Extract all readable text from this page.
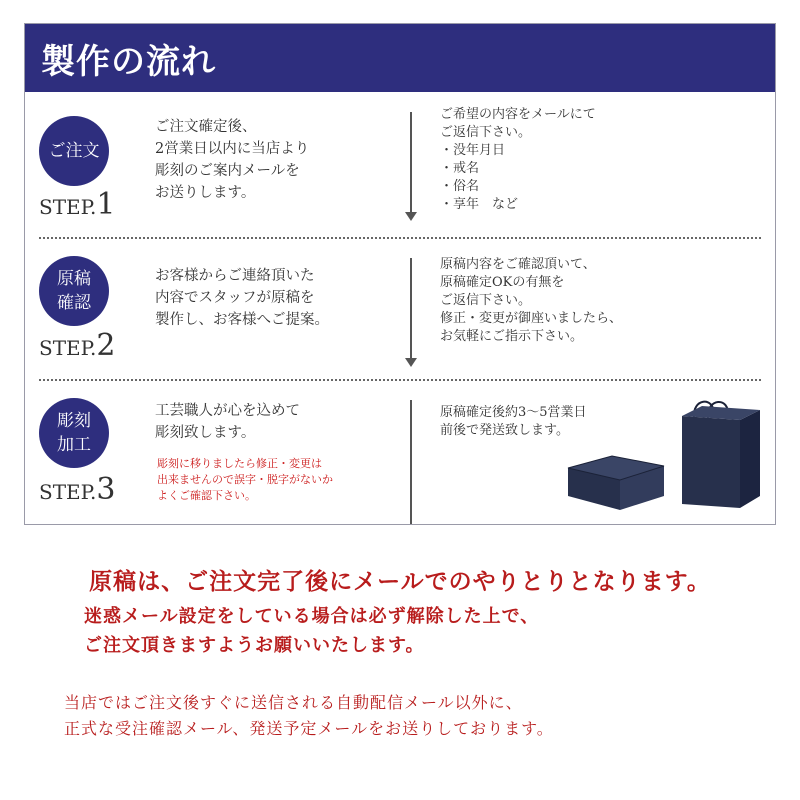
製作の流れ
ご注文
STEP.1
ご注文確定後、
2営業日以内に当店より
彫刻のご案内メールを
お送りします。
ご希望の内容をメールにて
ご返信下さい。
・没年月日
・戒名
・俗名
・享年　など
原稿
確認
STEP.2
お客様からご連絡頂いた
内容でスタッフが原稿を
製作し、お客様へご提案。
原稿内容をご確認頂いて、
原稿確定OKの有無を
ご返信下さい。
修正・変更が御座いましたら、
お気軽にご指示下さい。
彫刻
加工
STEP.3
工芸職人が心を込めて
彫刻致します。
彫刻に移りましたら修正・変更は
出来ませんので誤字・脱字がないか
よくご確認下さい。
原稿確定後約3～5営業日
前後で発送致します。
原稿は、ご注文完了後にメールでのやりとりとなります。
迷惑メール設定をしている場合は必ず解除した上で、
ご注文頂きますようお願いいたします。
当店ではご注文後すぐに送信される自動配信メール以外に、
正式な受注確認メール、発送予定メールをお送りしております。
